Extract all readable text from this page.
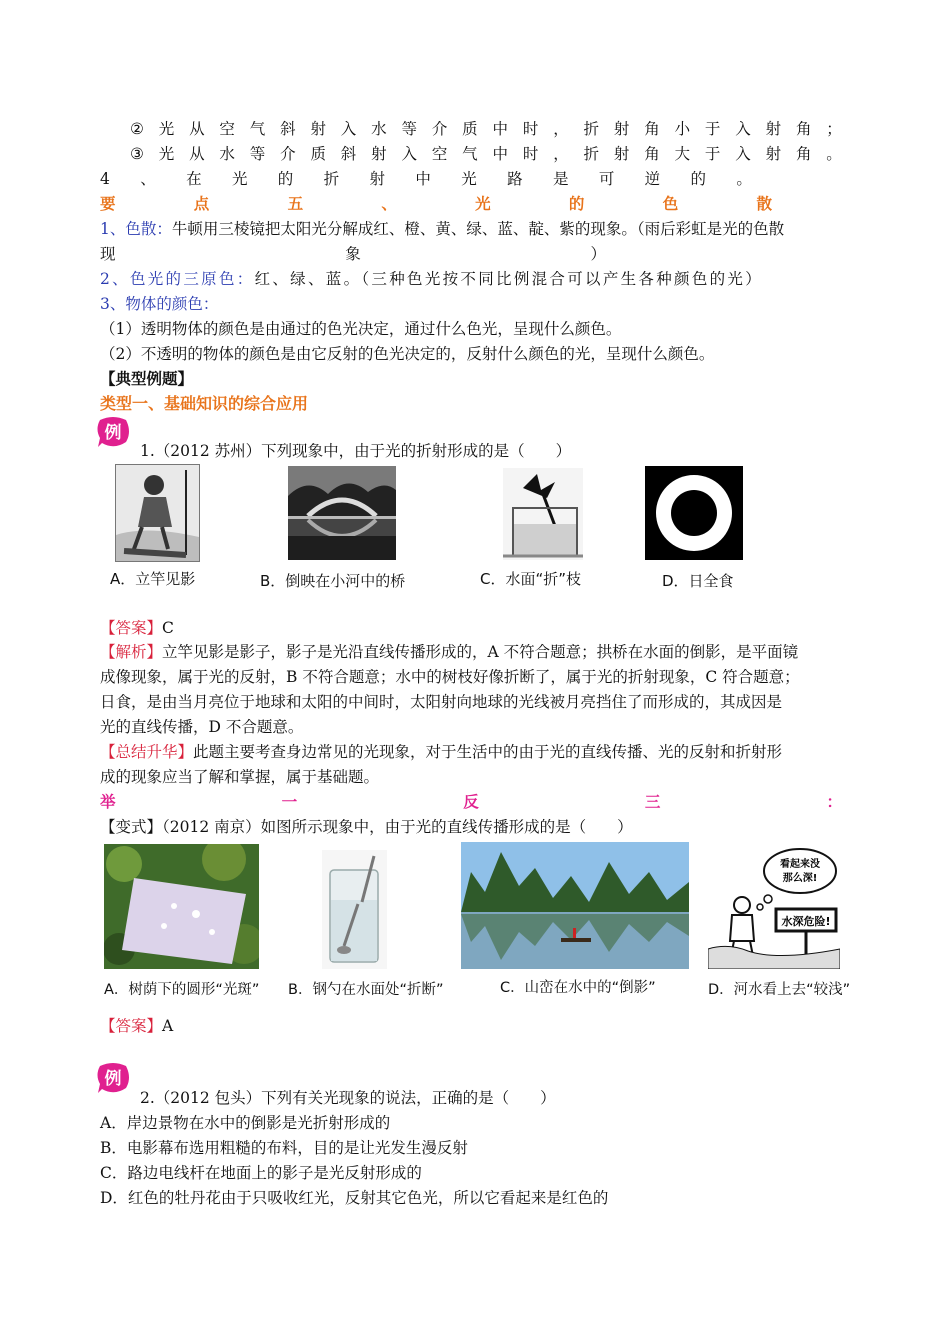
② 光 从 空 气 斜 射 入 水 等 介 质 中 时 ， 折 射 角 小 于 入 射 角 ；
③ 光 从 水 等 介 质 斜 射 入 空 气 中 时 ， 折 射 角 大 于 入 射 角 。
4 、 在 光 的 折 射 中 光 路 是 可 逆 的 。
要	点	五	、	光	的	色	散
1、色散：牛顿用三棱镜把太阳光分解成红、橙、黄、绿、蓝、靛、紫的现象。（雨后彩虹是光的色散
现	象	）
2、色光的三原色：红、绿、蓝。（三种色光按不同比例混合可以产生各种颜色的光）
3、物体的颜色：
（1）透明物体的颜色是由通过的色光决定，通过什么色光，呈现什么颜色。
（2）不透明的物体的颜色是由它反射的色光决定的，反射什么颜色的光，呈现什么颜色。
【典型例题】
类型一、基础知识的综合应用
例
1.（2012 苏州）下列现象中，由于光的折射形成的是（　　）
A．立竿见影	B．倒映在小河中的桥	C．水面“折”枝	D．日全食
【答案】C
【解析】立竿见影是影子，影子是光沿直线传播形成的，A 不符合题意；拱桥在水面的倒影，是平面镜
成像现象，属于光的反射，B 不符合题意；水中的树枝好像折断了，属于光的折射现象，C 符合题意；
日食，是由当月亮位于地球和太阳的中间时，太阳射向地球的光线被月亮挡住了而形成的，其成因是
光的直线传播，D 不合题意。
【总结升华】此题主要考查身边常见的光现象，对于生活中的由于光的直线传播、光的反射和折射形
成的现象应当了解和掌握，属于基础题。
举	一	反	三	：
【变式】（2012 南京）如图所示现象中，由于光的直线传播形成的是（　　）
看起来没
那么深!
水深危险!
A．树荫下的圆形“光斑” B．钢勺在水面处“折断”	C．山峦在水中的“倒影”	D．河水看上去“较浅”
【答案】A
例
2.（2012 包头）下列有关光现象的说法，正确的是（　　）
A．岸边景物在水中的倒影是光折射形成的
B．电影幕布选用粗糙的布料，目的是让光发生漫反射
C．路边电线杆在地面上的影子是光反射形成的
D．红色的牡丹花由于只吸收红光，反射其它色光，所以它看起来是红色的
